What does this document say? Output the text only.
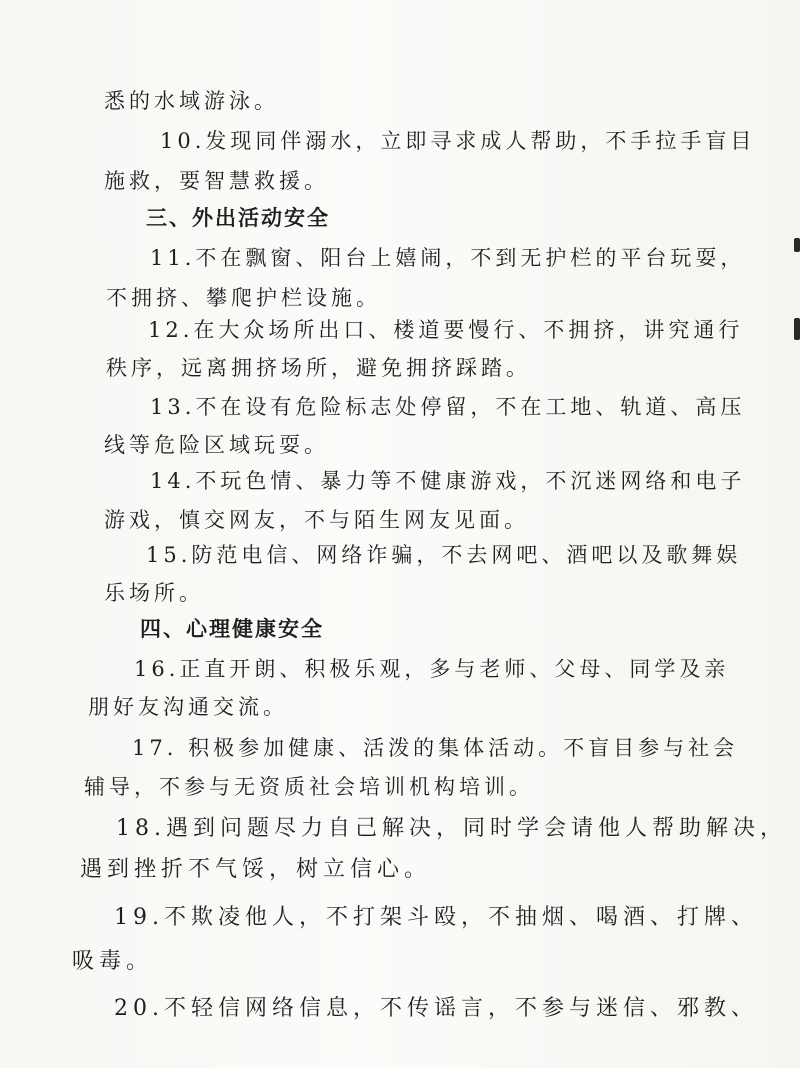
悉的水域游泳。
10.发现同伴溺水，立即寻求成人帮助，不手拉手盲目
施救，要智慧救援。
三、外出活动安全
11.不在飘窗、阳台上嬉闹，不到无护栏的平台玩耍，
不拥挤、攀爬护栏设施。
12.在大众场所出口、楼道要慢行、不拥挤，讲究通行
秩序，远离拥挤场所，避免拥挤踩踏。
13.不在设有危险标志处停留，不在工地、轨道、高压
线等危险区域玩耍。
14.不玩色情、暴力等不健康游戏，不沉迷网络和电子
游戏，慎交网友，不与陌生网友见面。
15.防范电信、网络诈骗，不去网吧、酒吧以及歌舞娱
乐场所。
四、心理健康安全
16.正直开朗、积极乐观，多与老师、父母、同学及亲
朋好友沟通交流。
17. 积极参加健康、活泼的集体活动。不盲目参与社会
辅导，不参与无资质社会培训机构培训。
18.遇到问题尽力自己解决，同时学会请他人帮助解决，
遇到挫折不气馁，树立信心。
19.不欺凌他人，不打架斗殴，不抽烟、喝酒、打牌、
吸毒。
20.不轻信网络信息，不传谣言，不参与迷信、邪教、
